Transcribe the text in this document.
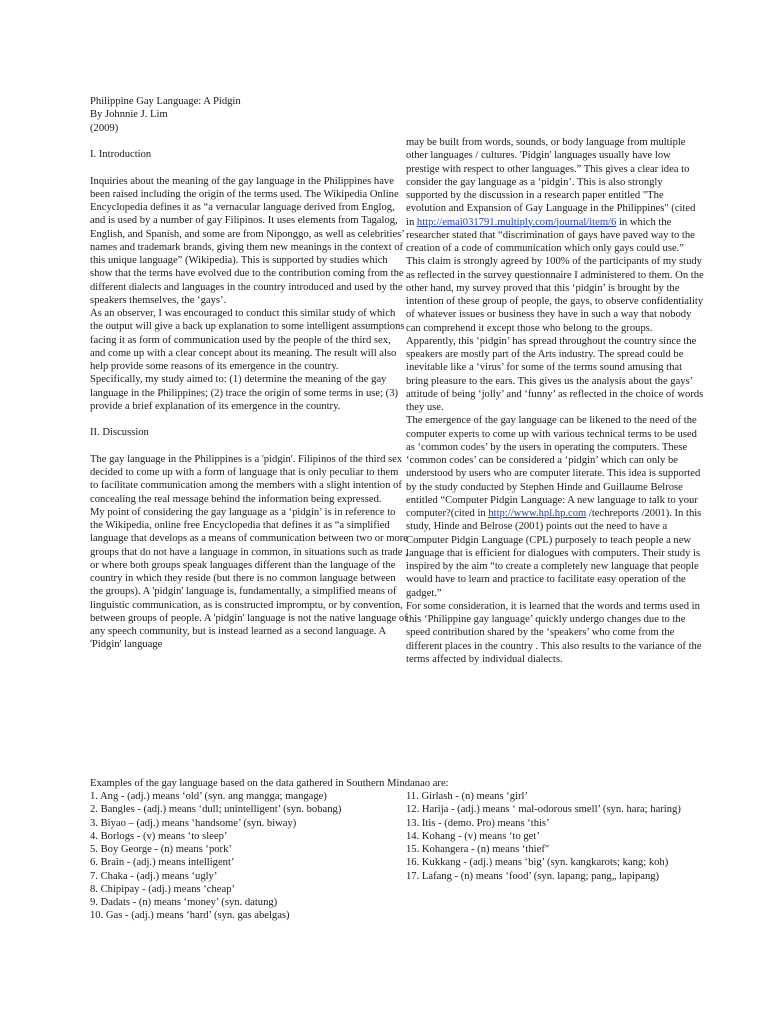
Philippine Gay Language: A Pidgin

By Johnnie J. Lim

(2009)

I. Introduction

Inquiries about the meaning of the gay language in the Philippines have been raised including the origin of the terms used. The Wikipedia Online Encyclopedia defines it as “a vernacular language derived from Englog, and is used by a number of gay Filipinos. It uses elements from Tagalog, English, and Spanish, and some are from Niponggo, as well as celebrities’ names and trademark brands, giving them new meanings in the context of this unique language” (Wikipedia). This is supported by studies which show that the terms have evolved due to the contribution coming from the different dialects and languages in the country introduced and used by the speakers themselves, the ‘gays’.

As an observer, I was encouraged to conduct this similar study of which the output will give a back up explanation to some intelligent assumptions facing it as form of communication used by the people of the third sex, and come up with a clear concept about its meaning. The result will also help provide some reasons of its emergence in the country.

Specifically, my study aimed to: (1) determine the meaning of the gay language in the Philippines; (2) trace the origin of some terms in use; (3) provide a brief explanation of its emergence in the country.

II. Discussion

The gay language in the Philippines is a 'pidgin'. Filipinos of the third sex decided to come up with a form of language that is only peculiar to them to facilitate communication among the members with a slight intention of concealing the real message behind the information being expressed.

My point of considering the gay language as a ‘pidgin’ is in reference to the Wikipedia, online free Encyclopedia that defines it as “a simplified language that develops as a means of communication between two or more groups that do not have a language in common, in situations such as trade , or where both groups speak languages different than the language of the country in which they reside (but there is no common language between the groups). A 'pidgin' language is, fundamentally, a simplified means of linguistic communication, as is constructed impromptu, or by convention, between groups of people. A 'pidgin' language is not the native language of any speech community, but is instead learned as a second language. A 'Pidgin' language

may be built from words, sounds, or body language from multiple other languages / cultures. 'Pidgin' languages usually have low prestige with respect to other languages.” This gives a clear idea to consider the gay language as a ‘pidgin’. This is also strongly supported by the discussion in a research paper entitled "The evolution and Expansion of Gay Language in the Philippines" (cited in http://emai031791.multiply.com/journal/item/6 in which the researcher stated that “discrimination of gays have paved way to the creation of a code of communication which only gays could use.”

This claim is strongly agreed by 100% of the participants of my study as reflected in the survey questionnaire I administered to them. On the other hand, my survey proved that this ‘pidgin’ is brought by the intention of these group of people, the gays, to observe confidentiality of whatever issues or business they have in such a way that nobody can comprehend it except those who belong to the groups.

Apparently, this ‘pidgin’ has spread throughout the country since the speakers are mostly part of the Arts industry. The spread could be inevitable like a ‘virus’ for some of the terms sound amusing that bring pleasure to the ears. This gives us the analysis about the gays’ attitude of being ‘jolly’ and ‘funny’ as reflected in the choice of words they use.

The emergence of the gay language can be likened to the need of the computer experts to come up with various technical terms to be used as ‘common codes’ by the users in operating the computers. These ‘common codes’ can be considered a ‘pidgin’ which can only be understood by users who are computer literate. This idea is supported by the study conducted by Stephen Hinde and Guillaume Belrose entitled “Computer Pidgin Language: A new language to talk to your computer?(cited in http://www.hpl.hp.com /techreports /2001). In this study, Hinde and Belrose (2001) points out the need to have a Computer Pidgin Language (CPL) purposely to teach people a new language that is efficient for dialogues with computers. Their study is inspired by the aim “to create a completely new language that people would have to learn and practice to facilitate easy operation of the gadget.”

For some consideration, it is learned that the words and terms used in this ‘Philippine gay language’ quickly undergo changes due to the speed contribution shared by the ‘speakers’ who come from the different places in the country . This also results to the variance of the terms affected by individual dialects.

Examples of the gay language based on the data gathered in Southern Mindanao are:

1. Ang - (adj.) means ‘old’ (syn. ang mangga; mangage)

2. Bangles - (adj.) means ‘dull; unintelligent’ (syn. bobang)

3. Biyao – (adj.) means ‘handsome’ (syn. biway)

4. Borlogs - (v) means ‘to sleep’

5. Boy George - (n) means ‘pork’

6. Brain - (adj.) means intelligent’

7. Chaka - (adj.) means ‘ugly’

8. Chipipay - (adj.) means ‘cheap’

9. Dadats - (n) means ‘money’ (syn. datung)

10. Gas - (adj.) means ‘hard’ (syn. gas abelgas)

11. Girlash - (n) means ‘girl’

12. Harija - (adj.) means ‘ mal-odorous smell’ (syn. hara; haring)

13. Itis - (demo. Pro) means ‘this’

14. Kohang - (v) means ‘to get’

15. Kohangera - (n) means ‘thief"

16. Kukkang - (adj.) means ‘big’ (syn. kangkarots; kang; koh)

17. Lafang - (n) means ‘food’ (syn. lapang; pang„ lapipang)
